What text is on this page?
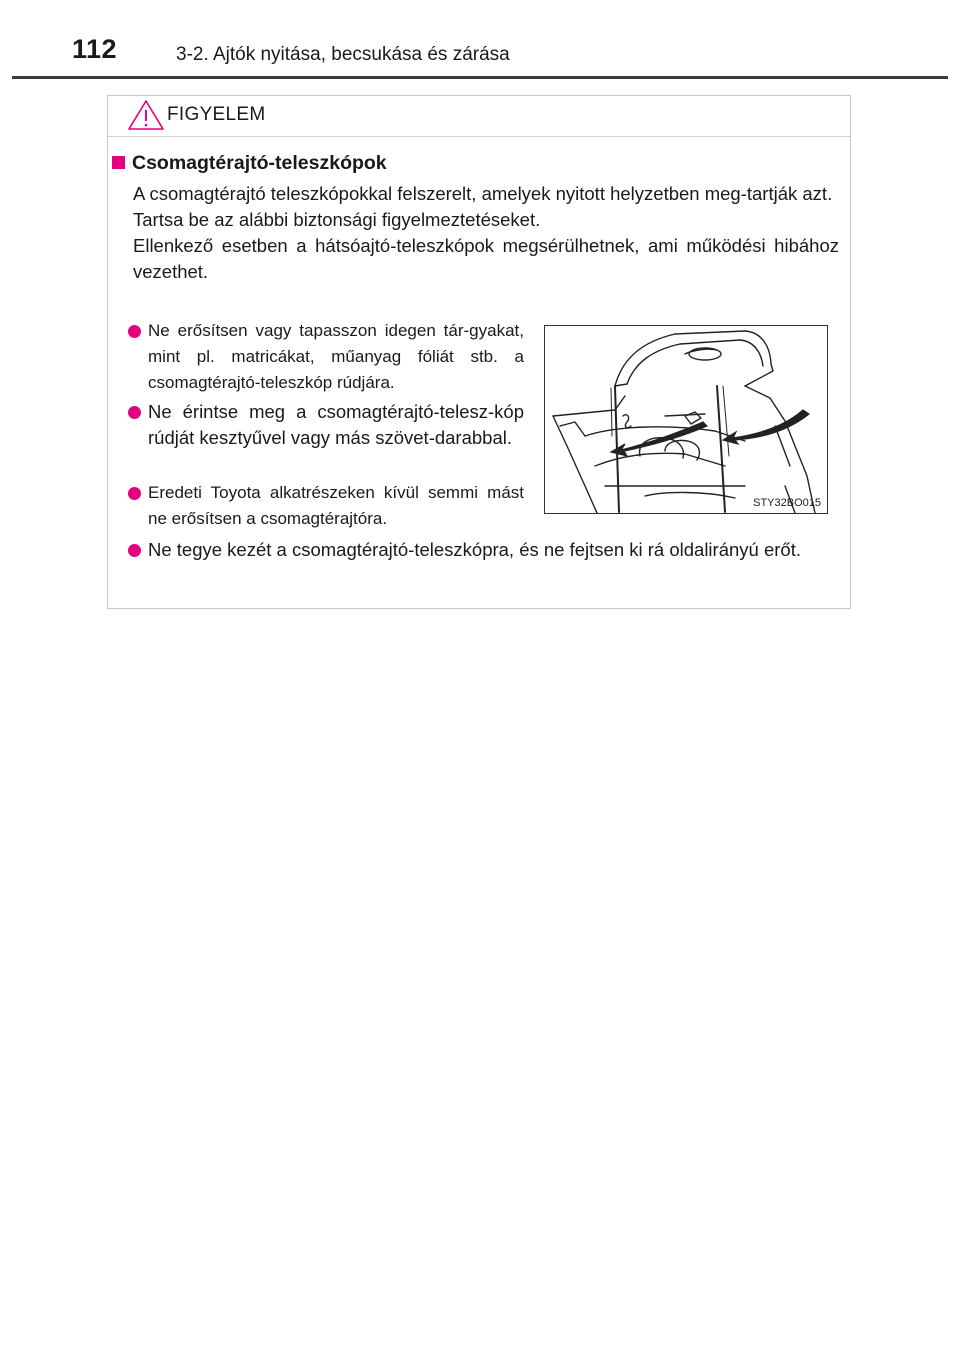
112	3-2. Ajtók nyitása, becsukása és zárása
FIGYELEM
Csomagtérajtó-teleszkópok

A csomagtérajtó teleszkópokkal felszerelt, amelyek nyitott helyzetben meg-tartják azt.

Tartsa be az alábbi biztonsági figyelmeztetéseket.

Ellenkező esetben a hátsóajtó-teleszkópok megsérülhetnek, ami működési hibához vezethet.

Ne erősítsen vagy tapasszon idegen tár-gyakat, mint pl. matricákat, műanyag fóliát stb. a csomagtérajtó-teleszkóp rúdjára.
Ne érintse meg a csomagtérajtó-telesz-kóp rúdját kesztyűvel vagy más szövet-darabbal.
Eredeti Toyota alkatrészeken kívül semmi mást ne erősítsen a csomagtérajtóra.
Ne tegye kezét a csomagtérajtó-teleszkópra, és ne fejtsen ki rá oldalirányú erőt.
STY32BO015
